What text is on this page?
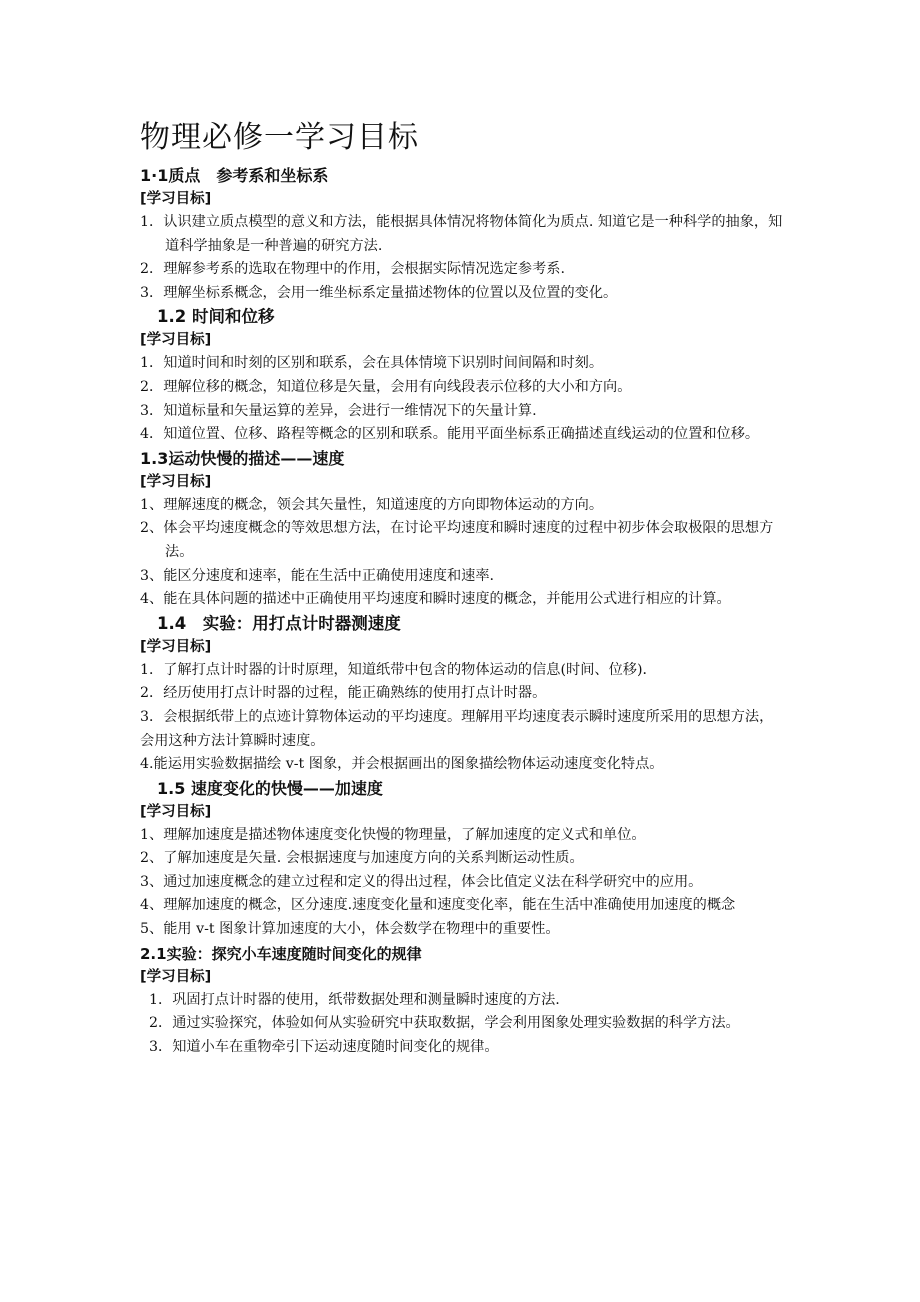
物理必修一学习目标
1·1质点　参考系和坐标系
[学习目标]
1．认识建立质点模型的意义和方法，能根据具体情况将物体简化为质点. 知道它是一种科学的抽象，知道科学抽象是一种普遍的研究方法.
2．理解参考系的选取在物理中的作用，会根据实际情况选定参考系.
3．理解坐标系概念，会用一维坐标系定量描述物体的位置以及位置的变化。
1.2 时间和位移
[学习目标]
1．知道时间和时刻的区别和联系，会在具体情境下识别时间间隔和时刻。
2．理解位移的概念，知道位移是矢量，会用有向线段表示位移的大小和方向。
3．知道标量和矢量运算的差异，会进行一维情况下的矢量计算.
4．知道位置、位移、路程等概念的区别和联系。能用平面坐标系正确描述直线运动的位置和位移。
1.3运动快慢的描述——速度
[学习目标]
1、理解速度的概念，领会其矢量性，知道速度的方向即物体运动的方向。
2、体会平均速度概念的等效思想方法，在讨论平均速度和瞬时速度的过程中初步体会取极限的思想方法。
3、能区分速度和速率，能在生活中正确使用速度和速率.
4、能在具体问题的描述中正确使用平均速度和瞬时速度的概念，并能用公式进行相应的计算。
1.4　实验：用打点计时器测速度
[学习目标]
1．了解打点计时器的计时原理，知道纸带中包含的物体运动的信息(时间、位移)．
2．经历使用打点计时器的过程，能正确熟练的使用打点计时器。
3．会根据纸带上的点迹计算物体运动的平均速度。理解用平均速度表示瞬时速度所采用的思想方法，会用这种方法计算瞬时速度。
4.能运用实验数据描绘 v-t 图象，并会根据画出的图象描绘物体运动速度变化特点。
1.5 速度变化的快慢——加速度
[学习目标]
1、理解加速度是描述物体速度变化快慢的物理量，了解加速度的定义式和单位。
2、了解加速度是矢量. 会根据速度与加速度方向的关系判断运动性质。
3、通过加速度概念的建立过程和定义的得出过程，体会比值定义法在科学研究中的应用。
4、理解加速度的概念，区分速度.速度变化量和速度变化率，能在生活中准确使用加速度的概念
5、能用 v-t 图象计算加速度的大小，体会数学在物理中的重要性。
2.1实验：探究小车速度随时间变化的规律
[学习目标]
1．巩固打点计时器的使用，纸带数据处理和测量瞬时速度的方法.
2．通过实验探究，体验如何从实验研究中获取数据，学会利用图象处理实验数据的科学方法。
3．知道小车在重物牵引下运动速度随时间变化的规律。
